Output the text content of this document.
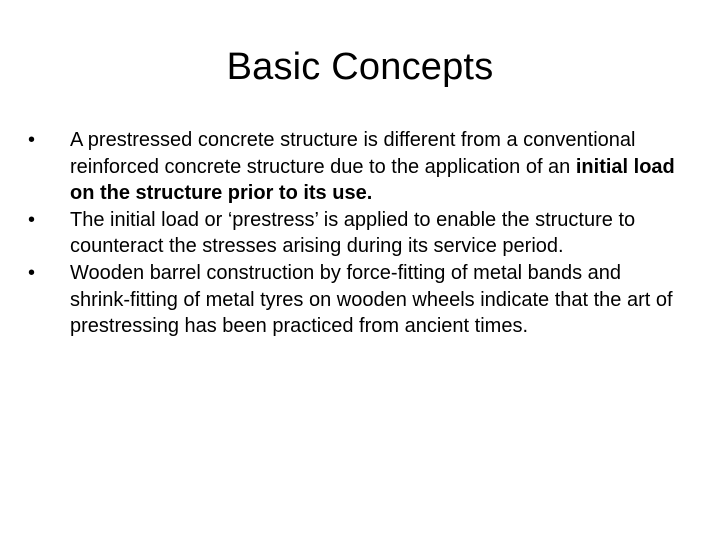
Basic Concepts
•	A prestressed concrete structure is different from a conventional reinforced concrete structure due to the application of an initial load on the structure prior to its use.
•	The initial load or ‘prestress’ is applied to enable the structure to counteract the stresses arising during its service period.
•	Wooden barrel construction by force-fitting of metal bands and shrink-fitting of metal tyres on wooden wheels indicate that the art of prestressing has been practiced from ancient times.
